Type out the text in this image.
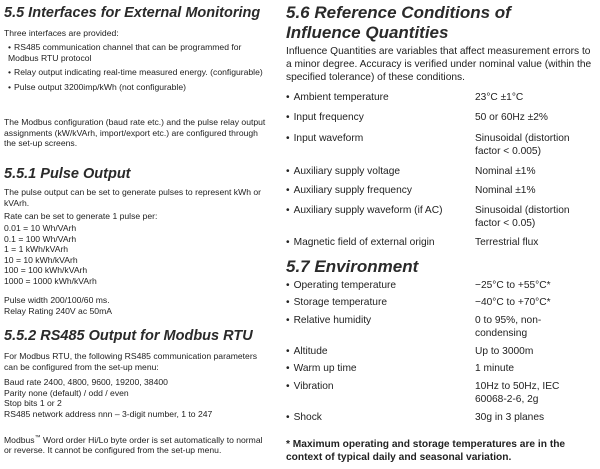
5.5 Interfaces for External Monitoring
Three interfaces are provided:
• RS485 communication channel that can be programmed for Modbus RTU protocol
• Relay output indicating real-time measured energy. (configurable)
• Pulse output 3200imp/kWh (not configurable)
The Modbus configuration (baud rate etc.) and the pulse relay output assignments (kW/kVArh, import/export etc.) are configured through the set-up screens.
5.5.1 Pulse Output
The pulse output can be set to generate pulses to represent kWh or kVArh.
Rate can be set to generate 1 pulse per:
0.01 = 10 Wh/VArh
0.1 = 100 Wh/VArh
1 = 1 kWh/kVArh
10 = 10 kWh/kVArh
100 = 100 kWh/kVArh
1000 = 1000 kWh/kVArh
Pulse width 200/100/60 ms.
Relay Rating 240V ac 50mA
5.5.2 RS485 Output for Modbus RTU
For Modbus RTU, the following RS485 communication parameters can be configured from the set-up menu:
Baud rate 2400, 4800, 9600, 19200, 38400
Parity none (default) / odd / even
Stop bits 1 or 2
RS485 network address nnn – 3-digit number, 1 to 247
Modbus™ Word order Hi/Lo byte order is set automatically to normal or reverse. It cannot be configured from the set-up menu.
5.6 Reference Conditions of Influence Quantities
Influence Quantities are variables that affect measurement errors to a minor degree. Accuracy is verified under nominal value (within the specified tolerance) of these conditions.
• Ambient temperature	23°C ±1°C
• Input frequency	50 or 60Hz ±2%
• Input waveform	Sinusoidal (distortion factor < 0.005)
• Auxiliary supply voltage	Nominal ±1%
• Auxiliary supply frequency	Nominal ±1%
• Auxiliary supply waveform (if AC)	Sinusoidal (distortion factor < 0.05)
• Magnetic field of external origin	Terrestrial flux
5.7 Environment
• Operating temperature	−25°C to +55°C*
• Storage temperature	−40°C to +70°C*
• Relative humidity	0 to 95%, non-condensing
• Altitude	Up to 3000m
• Warm up time	1 minute
• Vibration	10Hz to 50Hz, IEC 60068-2-6, 2g
• Shock	30g in 3 planes
* Maximum operating and storage temperatures are in the context of typical daily and seasonal variation.
